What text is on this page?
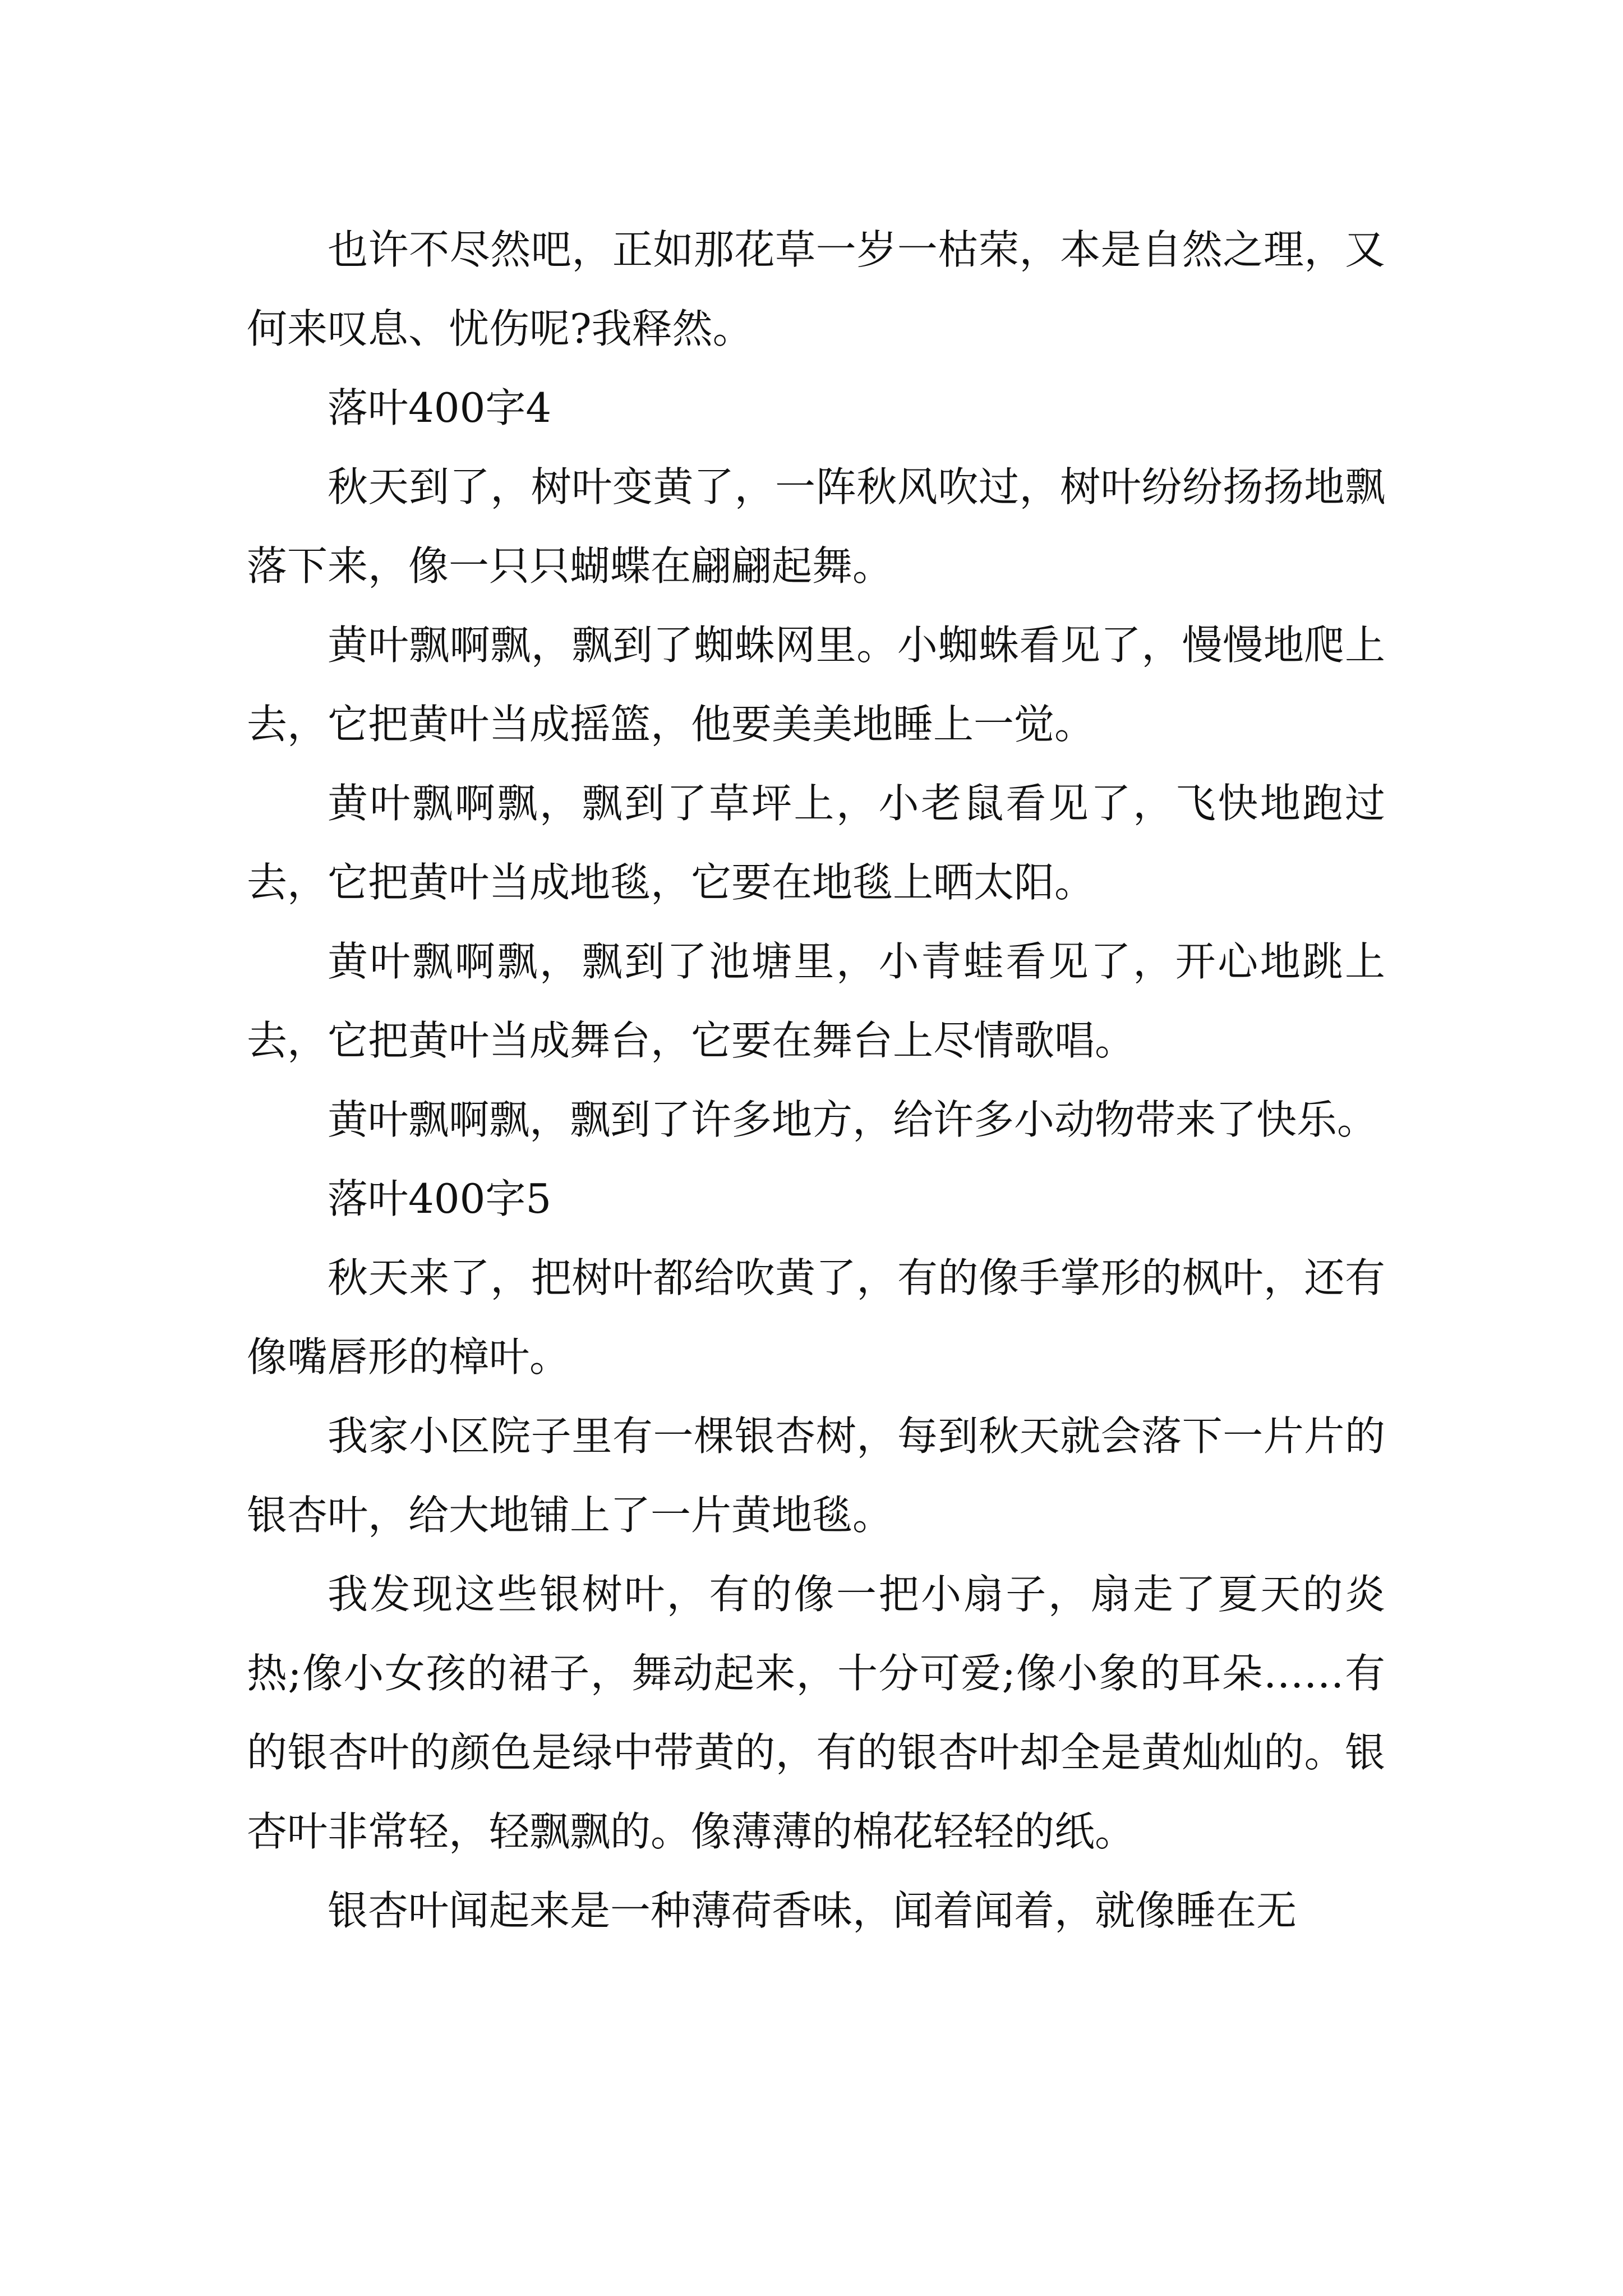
也许不尽然吧，正如那花草一岁一枯荣，本是自然之理，又何来叹息、忧伤呢?我释然。

落叶400字4

秋天到了，树叶变黄了，一阵秋风吹过，树叶纷纷扬扬地飘落下来，像一只只蝴蝶在翩翩起舞。

黄叶飘啊飘，飘到了蜘蛛网里。小蜘蛛看见了，慢慢地爬上去，它把黄叶当成摇篮，他要美美地睡上一觉。

黄叶飘啊飘，飘到了草坪上，小老鼠看见了，飞快地跑过去，它把黄叶当成地毯，它要在地毯上晒太阳。

黄叶飘啊飘，飘到了池塘里，小青蛙看见了，开心地跳上去，它把黄叶当成舞台，它要在舞台上尽情歌唱。

黄叶飘啊飘，飘到了许多地方，给许多小动物带来了快乐。

落叶400字5

秋天来了，把树叶都给吹黄了，有的像手掌形的枫叶，还有像嘴唇形的樟叶。

我家小区院子里有一棵银杏树，每到秋天就会落下一片片的银杏叶，给大地铺上了一片黄地毯。

我发现这些银树叶，有的像一把小扇子，扇走了夏天的炎热;像小女孩的裙子，舞动起来，十分可爱;像小象的耳朵……有的银杏叶的颜色是绿中带黄的，有的银杏叶却全是黄灿灿的。银杏叶非常轻，轻飘飘的。像薄薄的棉花轻轻的纸。

银杏叶闻起来是一种薄荷香味，闻着闻着，就像睡在无
